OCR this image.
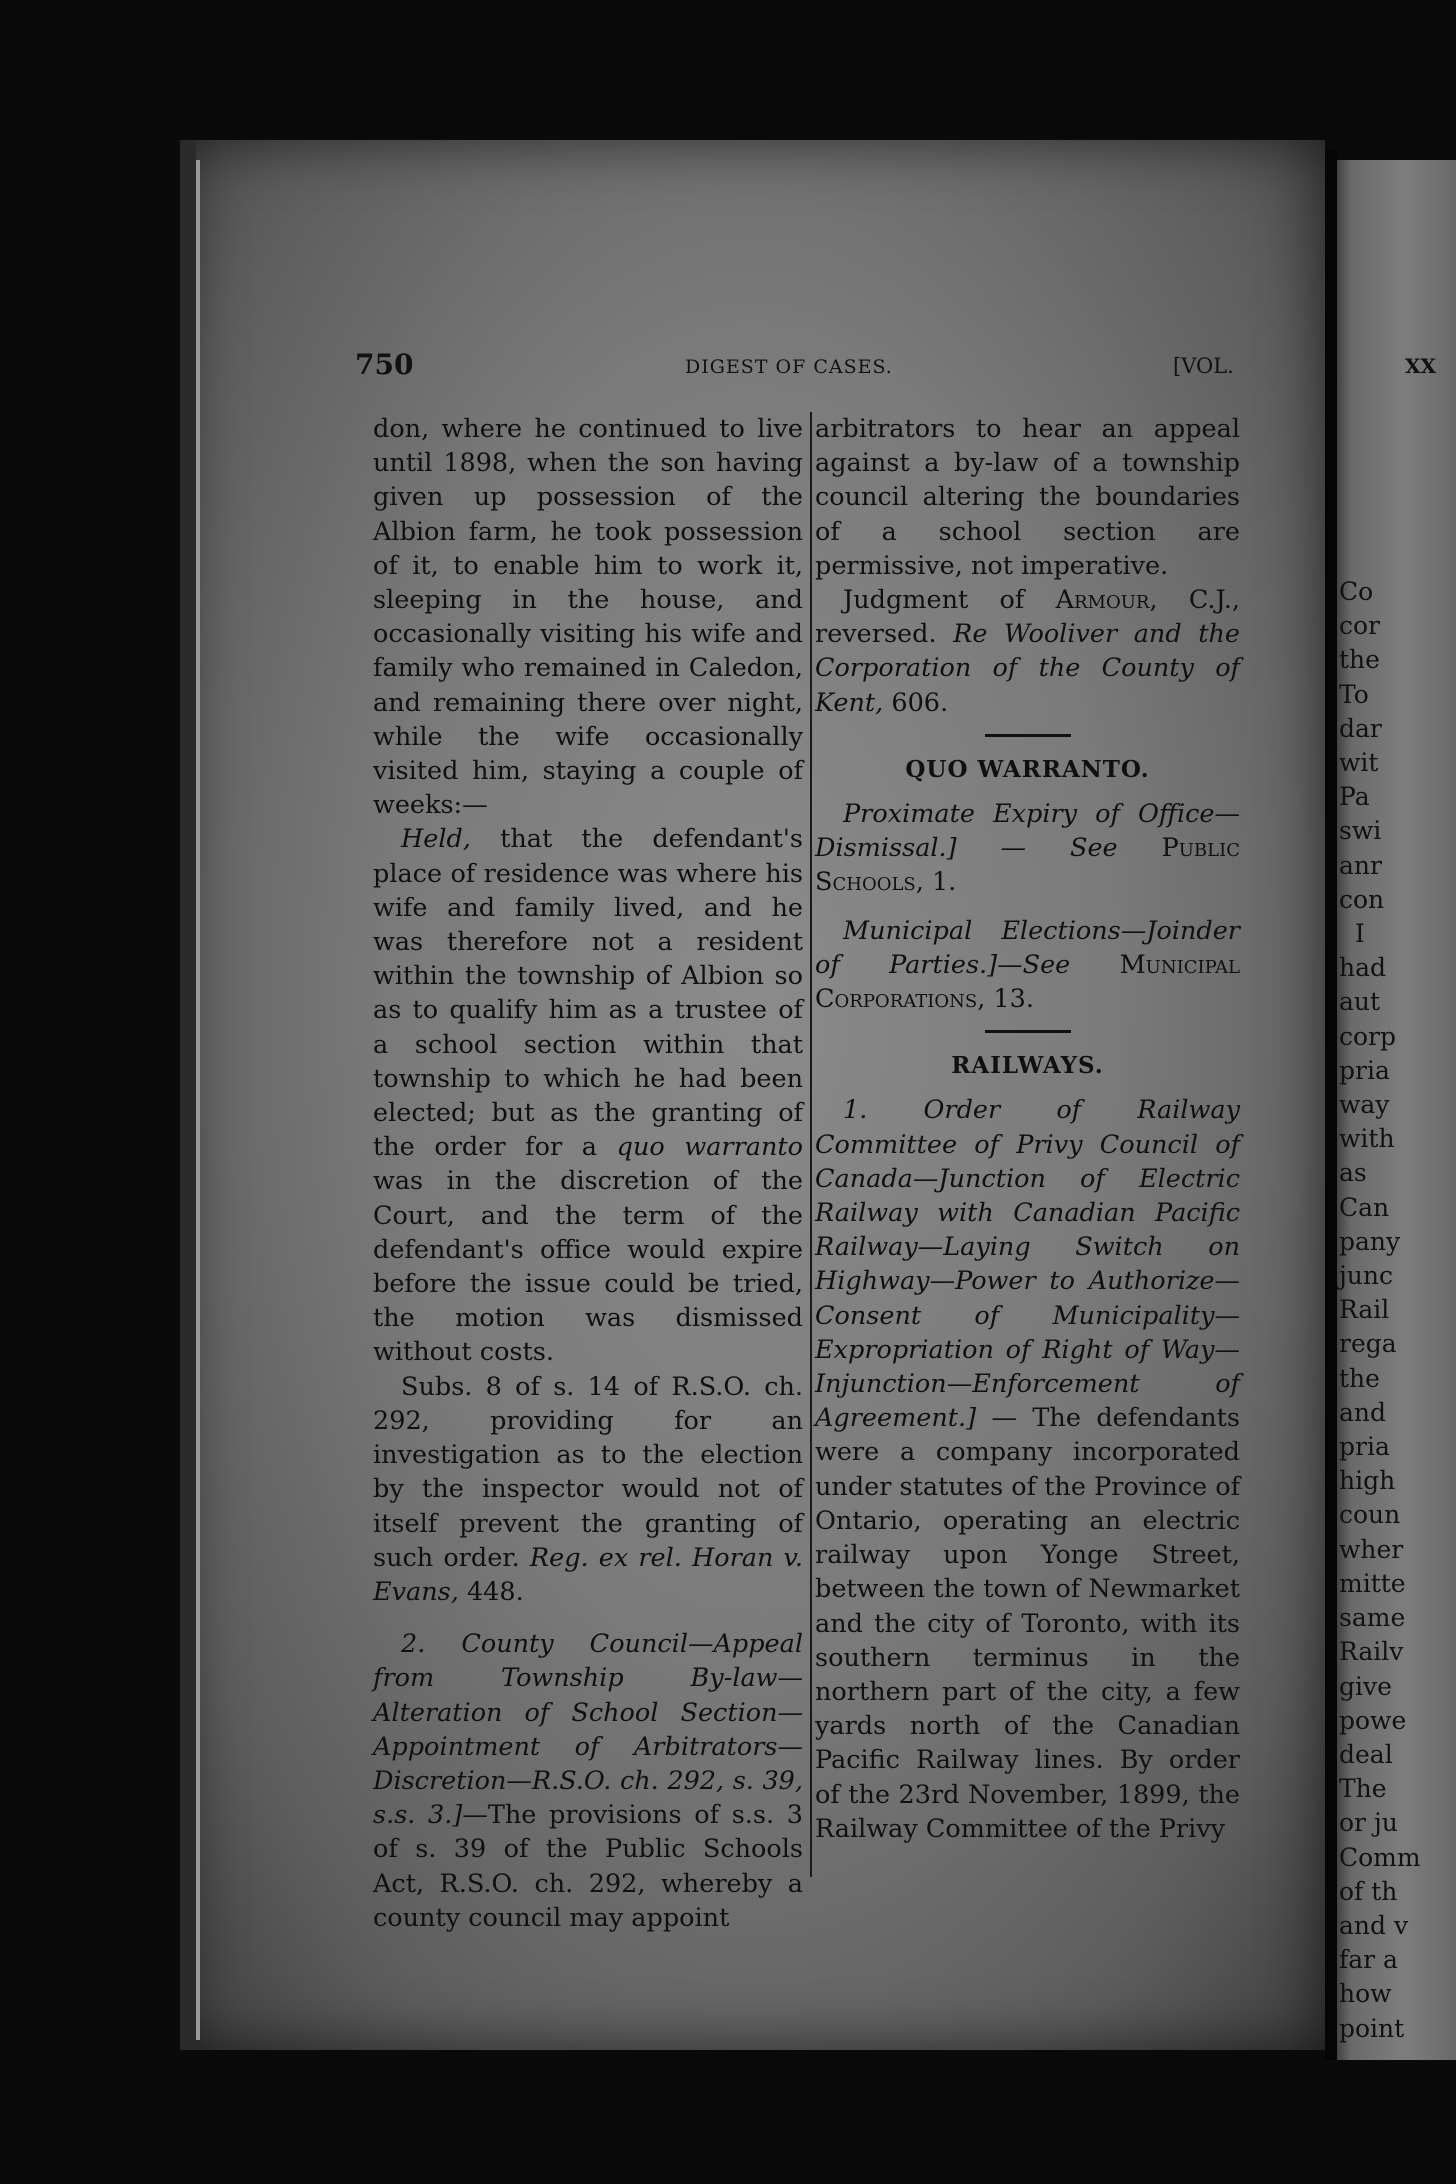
Co
cor
the
To
dar
wit
Pa
swi
anr
con
I
had
aut
corp
pria
way
with
as
Can
pany
junc
Rail
rega
the
and
pria
high
coun
wher
mitte
same
Railv
give
powe
deal
The
or ju
Comm
of th
and v
far a
how
point
XX
750	DIGEST OF CASES.	[VOL.

don, where he continued to live until 1898, when the son having given up possession of the Albion farm, he took possession of it, to enable him to work it, sleeping in the house, and occasionally visiting his wife and family who remained in Caledon, and remaining there over night, while the wife occasionally visited him, staying a couple of weeks:—

Held, that the defendant's place of residence was where his wife and family lived, and he was therefore not a resident within the township of Albion so as to qualify him as a trustee of a school section within that township to which he had been elected; but as the granting of the order for a quo warranto was in the discretion of the Court, and the term of the defendant's office would expire before the issue could be tried, the motion was dismissed without costs.

Subs. 8 of s. 14 of R.S.O. ch. 292, providing for an investigation as to the election by the inspector would not of itself prevent the granting of such order. Reg. ex rel. Horan v. Evans, 448.

2. County Council—Appeal from Township By-law—Alteration of School Section—Appointment of Arbitrators—Discretion—R.S.O. ch. 292, s. 39, s.s. 3.]—The provisions of s.s. 3 of s. 39 of the Public Schools Act, R.S.O. ch. 292, whereby a county council may appoint

arbitrators to hear an appeal against a by-law of a township council altering the boundaries of a school section are permissive, not imperative.

Judgment of Armour, C.J., reversed. Re Wooliver and the Corporation of the County of Kent, 606.

QUO WARRANTO.

Proximate Expiry of Office—Dismissal.] — See Public Schools, 1.

Municipal Elections—Joinder of Parties.]—See Municipal Corporations, 13.

RAILWAYS.

1. Order of Railway Committee of Privy Council of Canada—Junction of Electric Railway with Canadian Pacific Railway—Laying Switch on Highway—Power to Authorize—Consent of Municipality—Expropriation of Right of Way—Injunction—Enforcement of Agreement.] — The defendants were a company incorporated under statutes of the Province of Ontario, operating an electric railway upon Yonge Street, between the town of Newmarket and the city of Toronto, with its southern terminus in the northern part of the city, a few yards north of the Canadian Pacific Railway lines. By order of the 23rd November, 1899, the Railway Committee of the Privy
